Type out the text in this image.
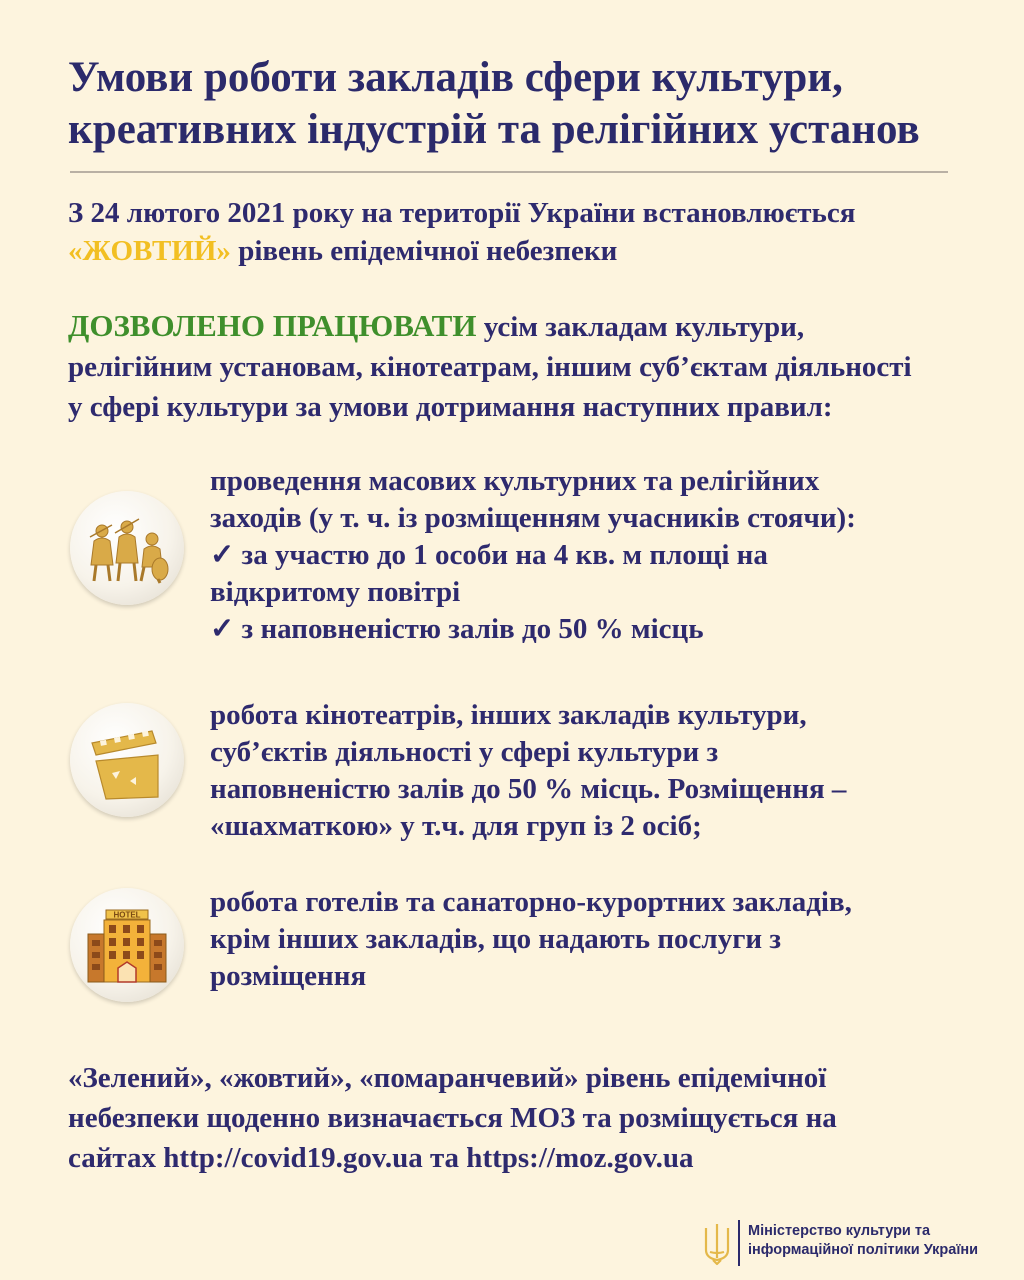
Умови роботи закладів сфери культури,
креативних індустрій та релігійних установ
З 24 лютого 2021 року на території України встановлюється
«ЖОВТИЙ» рівень епідемічної небезпеки
ДОЗВОЛЕНО ПРАЦЮВАТИ усім закладам культури,
релігійним установам, кінотеатрам, іншим суб’єктам діяльності
у сфері культури за умови дотримання наступних правил:
проведення масових культурних та релігійних
заходів (у т. ч. із розміщенням учасників стоячи):
✓ за участю до 1 особи на 4 кв. м площі на
відкритому повітрі
✓ з наповненістю залів до 50 % місць
робота кінотеатрів, інших закладів культури,
суб’єктів діяльності у сфері культури з
наповненістю залів до 50 % місць. Розміщення –
«шахматкою» у т.ч. для груп із 2 осіб;
HOTEL робота готелів та санаторно-курортних закладів,
крім інших закладів, що надають послуги з
розміщення
«Зелений», «жовтий», «помаранчевий» рівень епідемічної
небезпеки щоденно визначається МОЗ та розміщується на
сайтах http://covid19.gov.ua та https://moz.gov.ua
Міністерство культури та
інформаційної політики України
